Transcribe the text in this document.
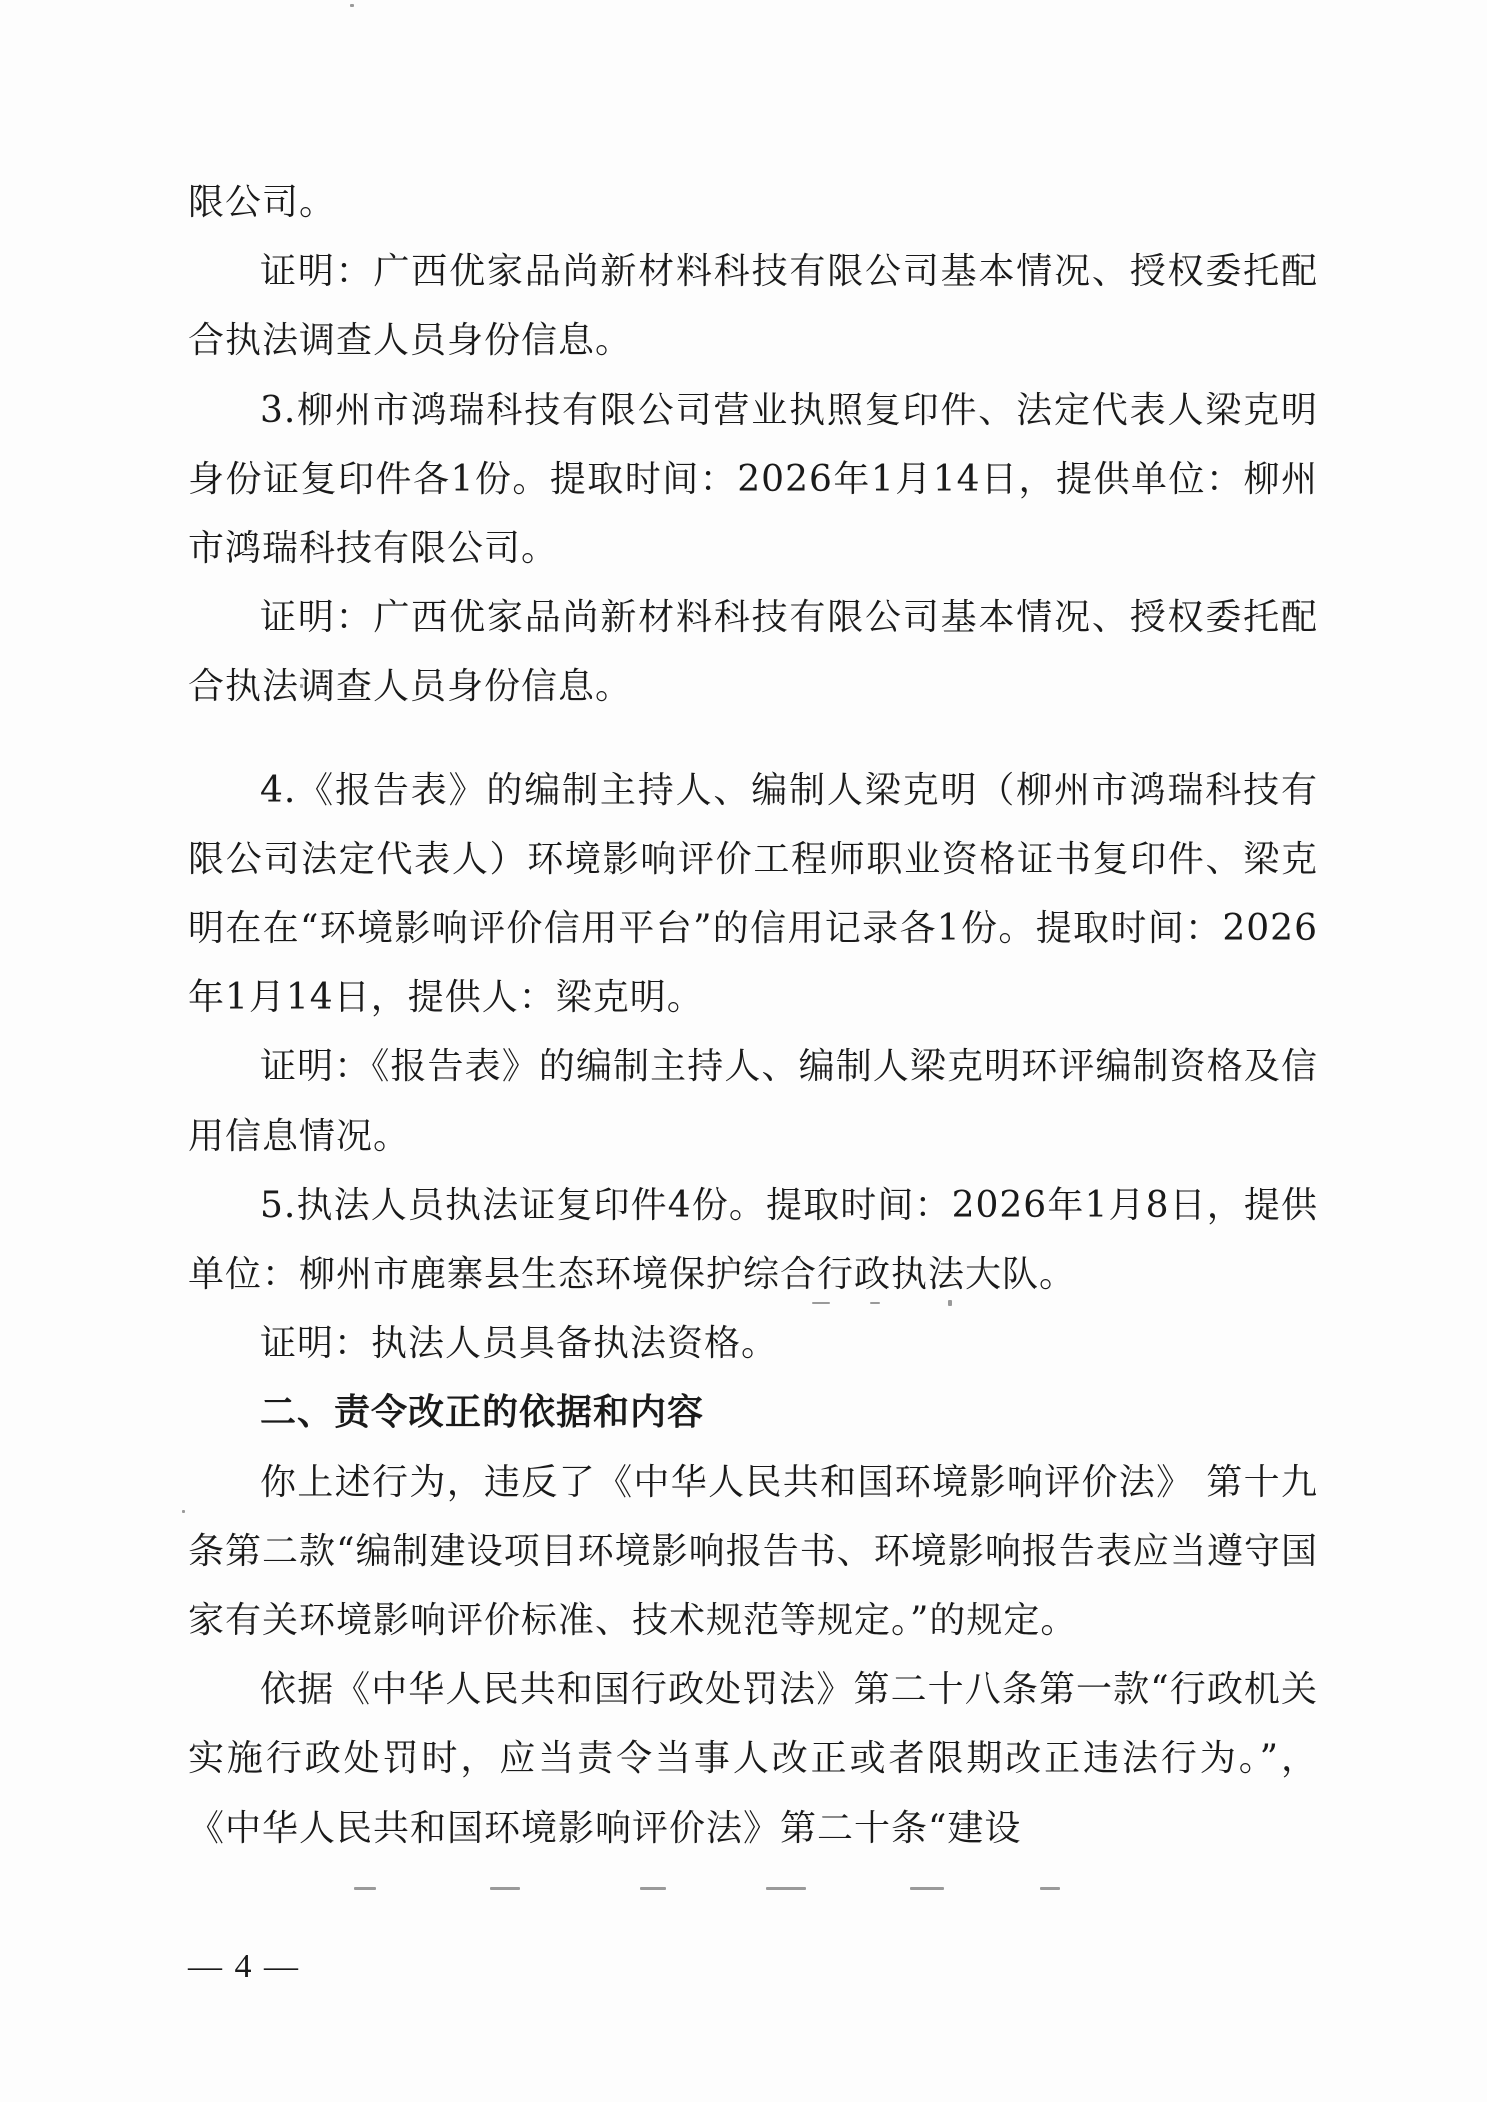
限公司。

证明：广西优家品尚新材料科技有限公司基本情况、授权委托配合执法调查人员身份信息。

3.柳州市鸿瑞科技有限公司营业执照复印件、法定代表人梁克明身份证复印件各1份。提取时间：2026年1月14日，提供单位：柳州市鸿瑞科技有限公司。

证明：广西优家品尚新材料科技有限公司基本情况、授权委托配合执法调查人员身份信息。

4.《报告表》的编制主持人、编制人梁克明（柳州市鸿瑞科技有限公司法定代表人）环境影响评价工程师职业资格证书复印件、梁克明在在“环境影响评价信用平台”的信用记录各1份。提取时间：2026年1月14日，提供人：梁克明。

证明：《报告表》的编制主持人、编制人梁克明环评编制资格及信用信息情况。

5.执法人员执法证复印件4份。提取时间：2026年1月8日，提供单位：柳州市鹿寨县生态环境保护综合行政执法大队。

证明：执法人员具备执法资格。

二、责令改正的依据和内容

你上述行为，违反了《中华人民共和国环境影响评价法》 第十九条第二款“编制建设项目环境影响报告书、环境影响报告表应当遵守国家有关环境影响评价标准、技术规范等规定。”的规定。

依据《中华人民共和国行政处罚法》第二十八条第一款“行政机关实施行政处罚时，应当责令当事人改正或者限期改正违法行为。”，《中华人民共和国环境影响评价法》第二十条“建设

— 4 —
